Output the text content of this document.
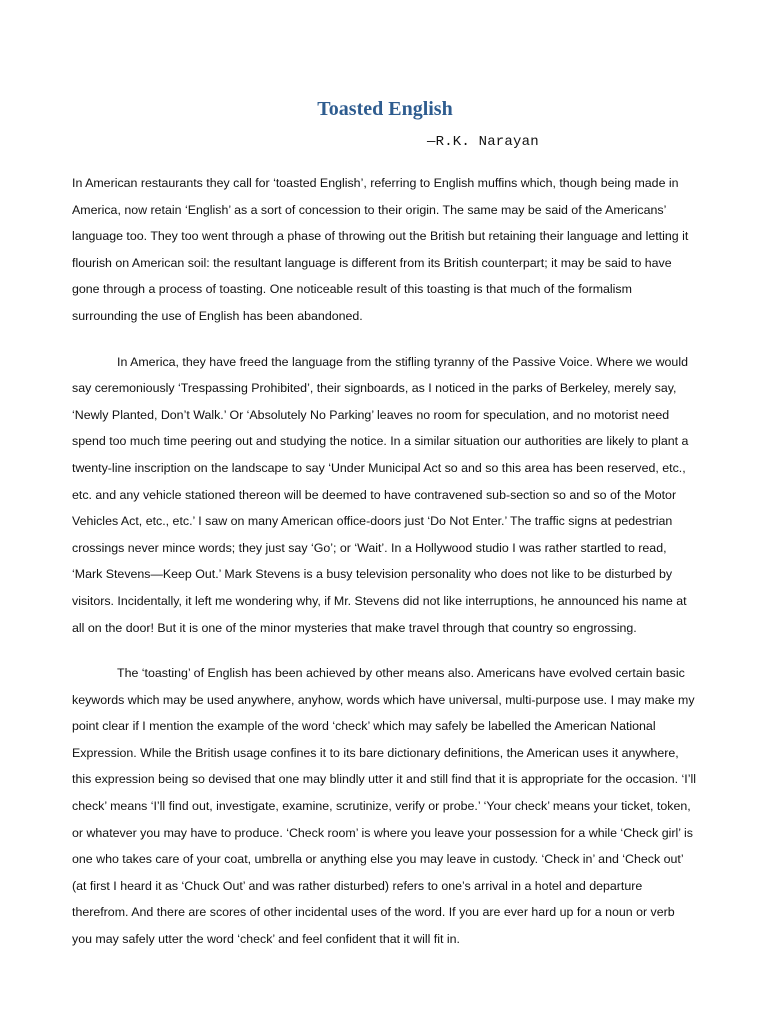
Toasted English

—R.K. Narayan

In American restaurants they call for ‘toasted English’, referring to English muffins which, though being made in America, now retain ‘English’ as a sort of concession to their origin. The same may be said of the Americans’ language too. They too went through a phase of throwing out the British but retaining their language and letting it flourish on American soil: the resultant language is different from its British counterpart; it may be said to have gone through a process of toasting. One noticeable result of this toasting is that much of the formalism surrounding the use of English has been abandoned.

In America, they have freed the language from the stifling tyranny of the Passive Voice. Where we would say ceremoniously ‘Trespassing Prohibited’, their signboards, as I noticed in the parks of Berkeley, merely say, ‘Newly Planted, Don’t Walk.’ Or ‘Absolutely No Parking’ leaves no room for speculation, and no motorist need spend too much time peering out and studying the notice. In a similar situation our authorities are likely to plant a twenty-line inscription on the landscape to say ‘Under Municipal Act so and so this area has been reserved, etc., etc. and any vehicle stationed thereon will be deemed to have contravened sub-section so and so of the Motor Vehicles Act, etc., etc.’ I saw on many American office-doors just ‘Do Not Enter.’ The traffic signs at pedestrian crossings never mince words; they just say ‘Go’; or ‘Wait’. In a Hollywood studio I was rather startled to read, ‘Mark Stevens—Keep Out.’ Mark Stevens is a busy television personality who does not like to be disturbed by visitors. Incidentally, it left me wondering why, if Mr. Stevens did not like interruptions, he announced his name at all on the door! But it is one of the minor mysteries that make travel through that country so engrossing.

The ‘toasting’ of English has been achieved by other means also. Americans have evolved certain basic keywords which may be used anywhere, anyhow, words which have universal, multi-purpose use. I may make my point clear if I mention the example of the word ‘check’ which may safely be labelled the American National Expression. While the British usage confines it to its bare dictionary definitions, the American uses it anywhere, this expression being so devised that one may blindly utter it and still find that it is appropriate for the occasion. ‘I’ll check’ means ‘I’ll find out, investigate, examine, scrutinize, verify or probe.’ ‘Your check’ means your ticket, token, or whatever you may have to produce. ‘Check room’ is where you leave your possession for a while ‘Check girl’ is one who takes care of your coat, umbrella or anything else you may leave in custody. ‘Check in’ and ‘Check out’ (at first I heard it as ‘Chuck Out’ and was rather disturbed) refers to one’s arrival in a hotel and departure therefrom. And there are scores of other incidental uses of the word. If you are ever hard up for a noun or verb you may safely utter the word ‘check’ and feel confident that it will fit in.
